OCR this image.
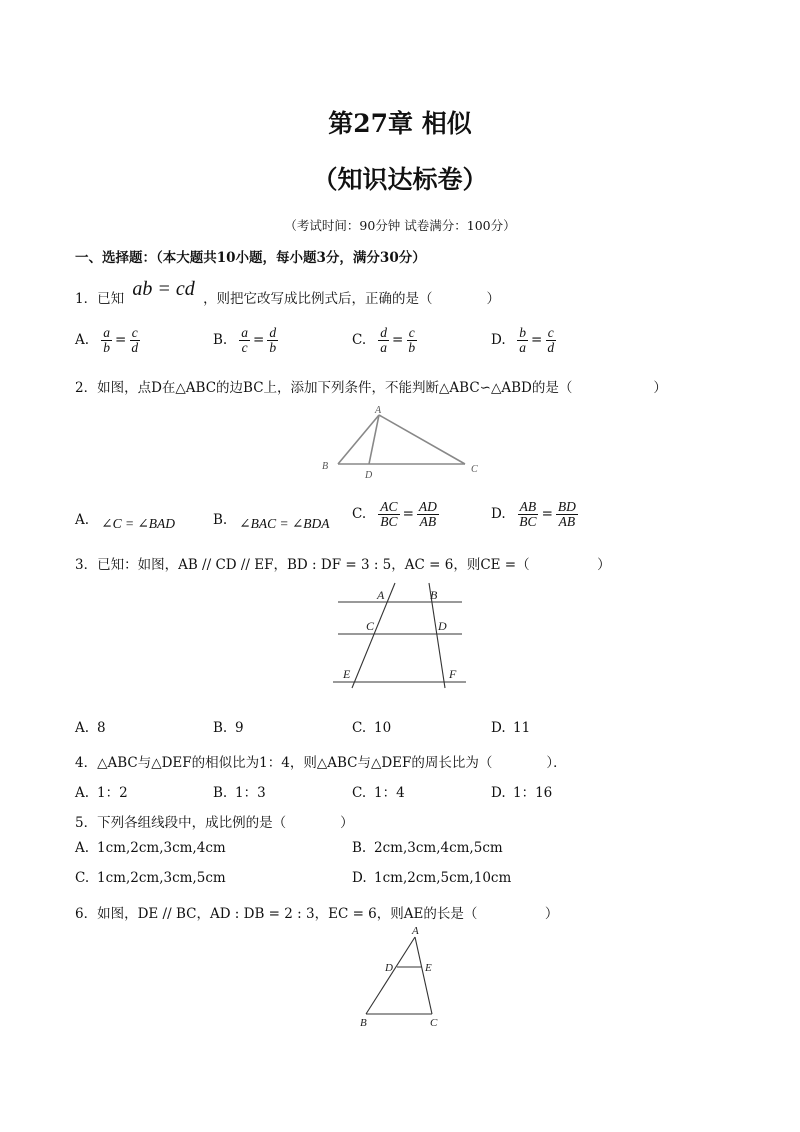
第27章 相似
（知识达标卷）
（考试时间：90分钟 试卷满分：100分）
一、选择题：（本大题共10小题，每小题3分，满分30分）
1．已知 ab = cd ，则把它改写成比例式后，正确的是（　　　　）
A. $\frac{a}{b} = \frac{c}{d}$	B. $\frac{a}{c} = \frac{d}{b}$	C. $\frac{d}{a} = \frac{c}{b}$	D. $\frac{b}{a} = \frac{c}{d}$
2．如图，点D在△ABC的边BC上，添加下列条件，不能判断△ABC∽△ABD的是（　　　　　　）
A
B
D
C
A. ∠C = ∠BAD	B. ∠BAC = ∠BDA
C. $\frac{AC}{BC} = \frac{AD}{AB}$	D. $\frac{AB}{BC} = \frac{BD}{AB}$
3．已知：如图，AB // CD // EF，BD : DF = 3 : 5，AC = 6，则CE =（　　　　　）
A	B
C	D
E	F
A. 8	B. 9	C. 10	D. 11
4．△ABC与△DEF的相似比为1：4，则△ABC与△DEF的周长比为（　　　　）．
A. 1：2	B. 1：3	C. 1：4	D. 1：16
5．下列各组线段中，成比例的是（　　　　）
A. 1cm,2cm,3cm,4cm	B. 2cm,3cm,4cm,5cm
C. 1cm,2cm,3cm,5cm	D. 1cm,2cm,5cm,10cm
6．如图，DE // BC，AD : DB = 2 : 3，EC = 6，则AE的长是（　　　　　）
A
D	E
B	C
